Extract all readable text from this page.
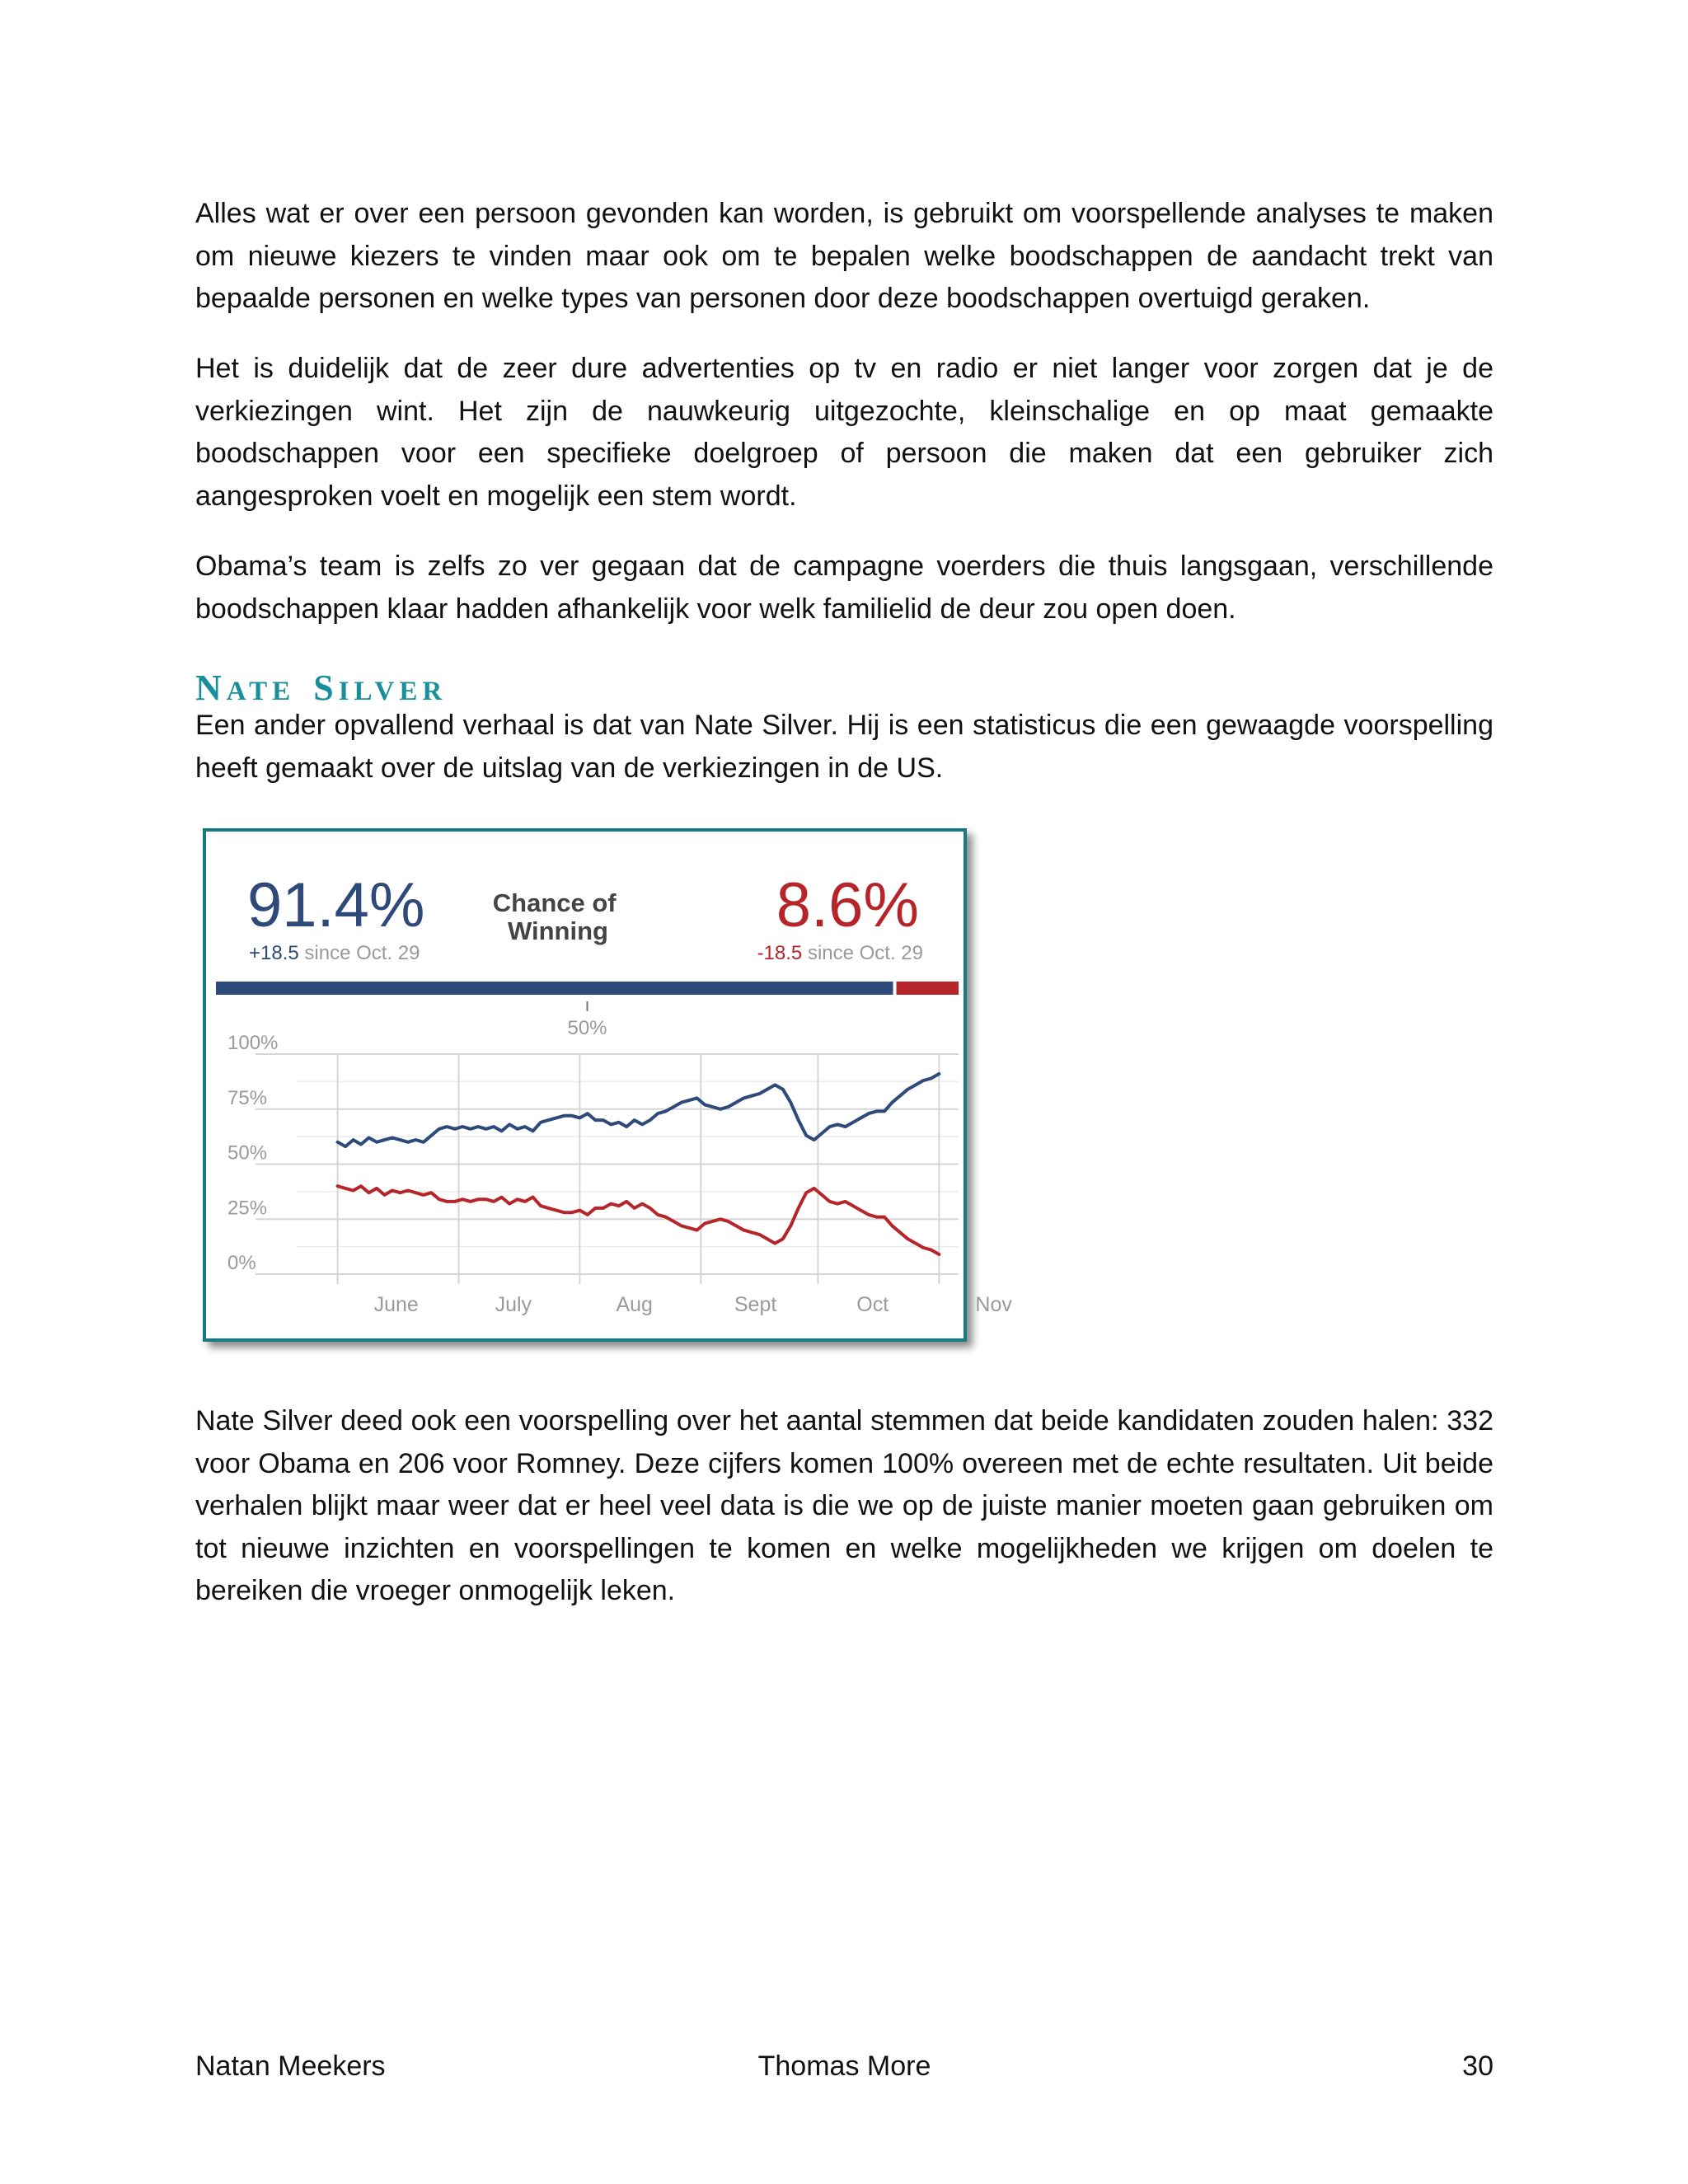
Alles wat er over een persoon gevonden kan worden, is gebruikt om voorspellende analyses te maken om nieuwe kiezers te vinden maar ook om te bepalen welke boodschappen de aandacht trekt van bepaalde personen en welke types van personen door deze boodschappen overtuigd geraken.

Het is duidelijk dat de zeer dure advertenties op tv en radio er niet langer voor zorgen dat je de verkiezingen wint. Het zijn de nauwkeurig uitgezochte, kleinschalige en op maat gemaakte boodschappen voor een specifieke doelgroep of persoon die maken dat een gebruiker zich aangesproken voelt en mogelijk een stem wordt.

Obama’s team is zelfs zo ver gegaan dat de campagne voerders die thuis langsgaan, verschillende boodschappen klaar hadden afhankelijk voor welk familielid de deur zou open doen.

Een ander opvallend verhaal is dat van Nate Silver. Hij is een statisticus die een gewaagde voorspelling heeft gemaakt over de uitslag van de verkiezingen in de US.

Nate Silver deed ook een voorspelling over het aantal stemmen dat beide kandidaten zouden halen: 332 voor Obama en 206 voor Romney. Deze cijfers komen 100% overeen met de echte resultaten. Uit beide verhalen blijkt maar weer dat er heel veel data is die we op de juiste manier moeten gaan gebruiken om tot nieuwe inzichten en voorspellingen te komen en welke mogelijkheden we krijgen om doelen te bereiken die vroeger onmogelijk leken.

NATE SILVER
91.4%
+18.5 since Oct. 29
Chance of Winning	8.6%
-18.5 since Oct. 29
50%
100%
75%
50%
25%
0%
June	July	Aug	Sept	Oct	Nov
Natan Meekers	Thomas More	30
